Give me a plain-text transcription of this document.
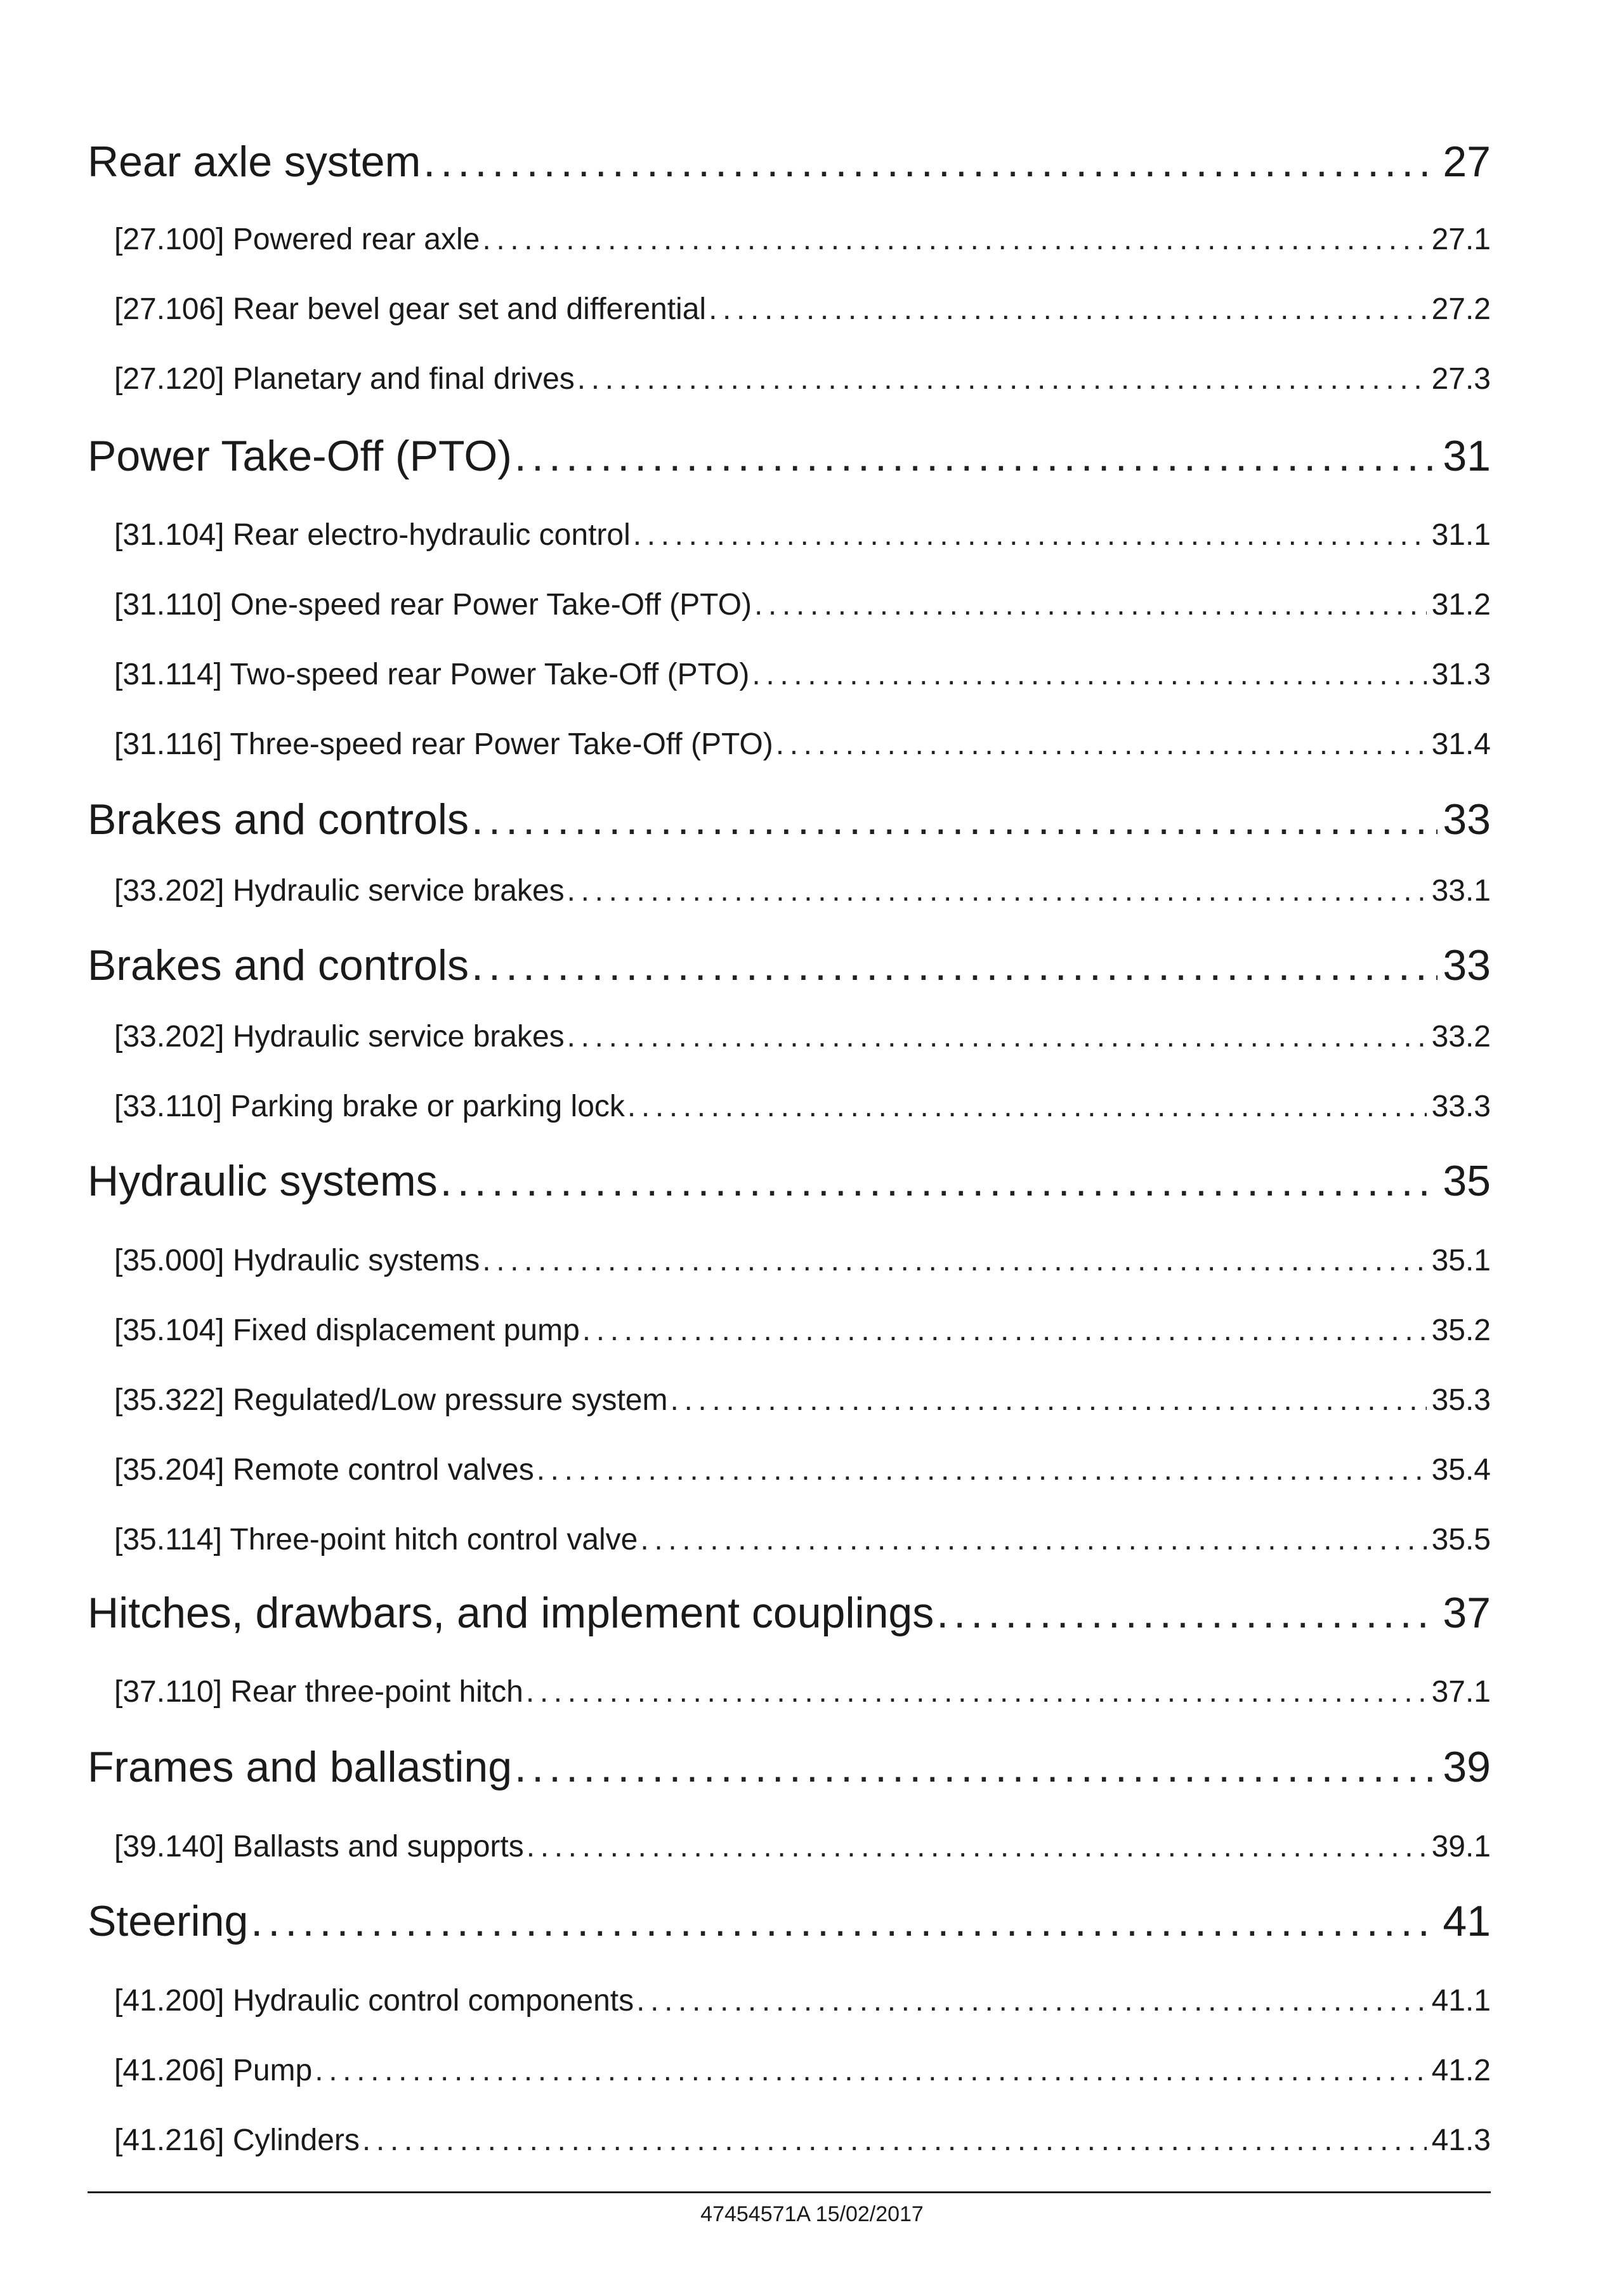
Rear axle system .....	27
[27.100] Powered rear axle .....	27.1
[27.106] Rear bevel gear set and differential .....	27.2
[27.120] Planetary and final drives .....	27.3
Power Take-Off (PTO) .....	31
[31.104] Rear electro-hydraulic control .....	31.1
[31.110] One-speed rear Power Take-Off (PTO) .....	31.2
[31.114] Two-speed rear Power Take-Off (PTO) .....	31.3
[31.116] Three-speed rear Power Take-Off (PTO) .....	31.4
Brakes and controls .....	33
[33.202] Hydraulic service brakes .....	33.1
Brakes and controls .....	33
[33.202] Hydraulic service brakes .....	33.2
[33.110] Parking brake or parking lock .....	33.3
Hydraulic systems .....	35
[35.000] Hydraulic systems .....	35.1
[35.104] Fixed displacement pump .....	35.2
[35.322] Regulated/Low pressure system .....	35.3
[35.204] Remote control valves .....	35.4
[35.114] Three-point hitch control valve .....	35.5
Hitches, drawbars, and implement couplings .....	37
[37.110] Rear three-point hitch .....	37.1
Frames and ballasting .....	39
[39.140] Ballasts and supports .....	39.1
Steering .....	41
[41.200] Hydraulic control components .....	41.1
[41.206] Pump .....	41.2
[41.216] Cylinders .....	41.3
47454571A 15/02/2017
